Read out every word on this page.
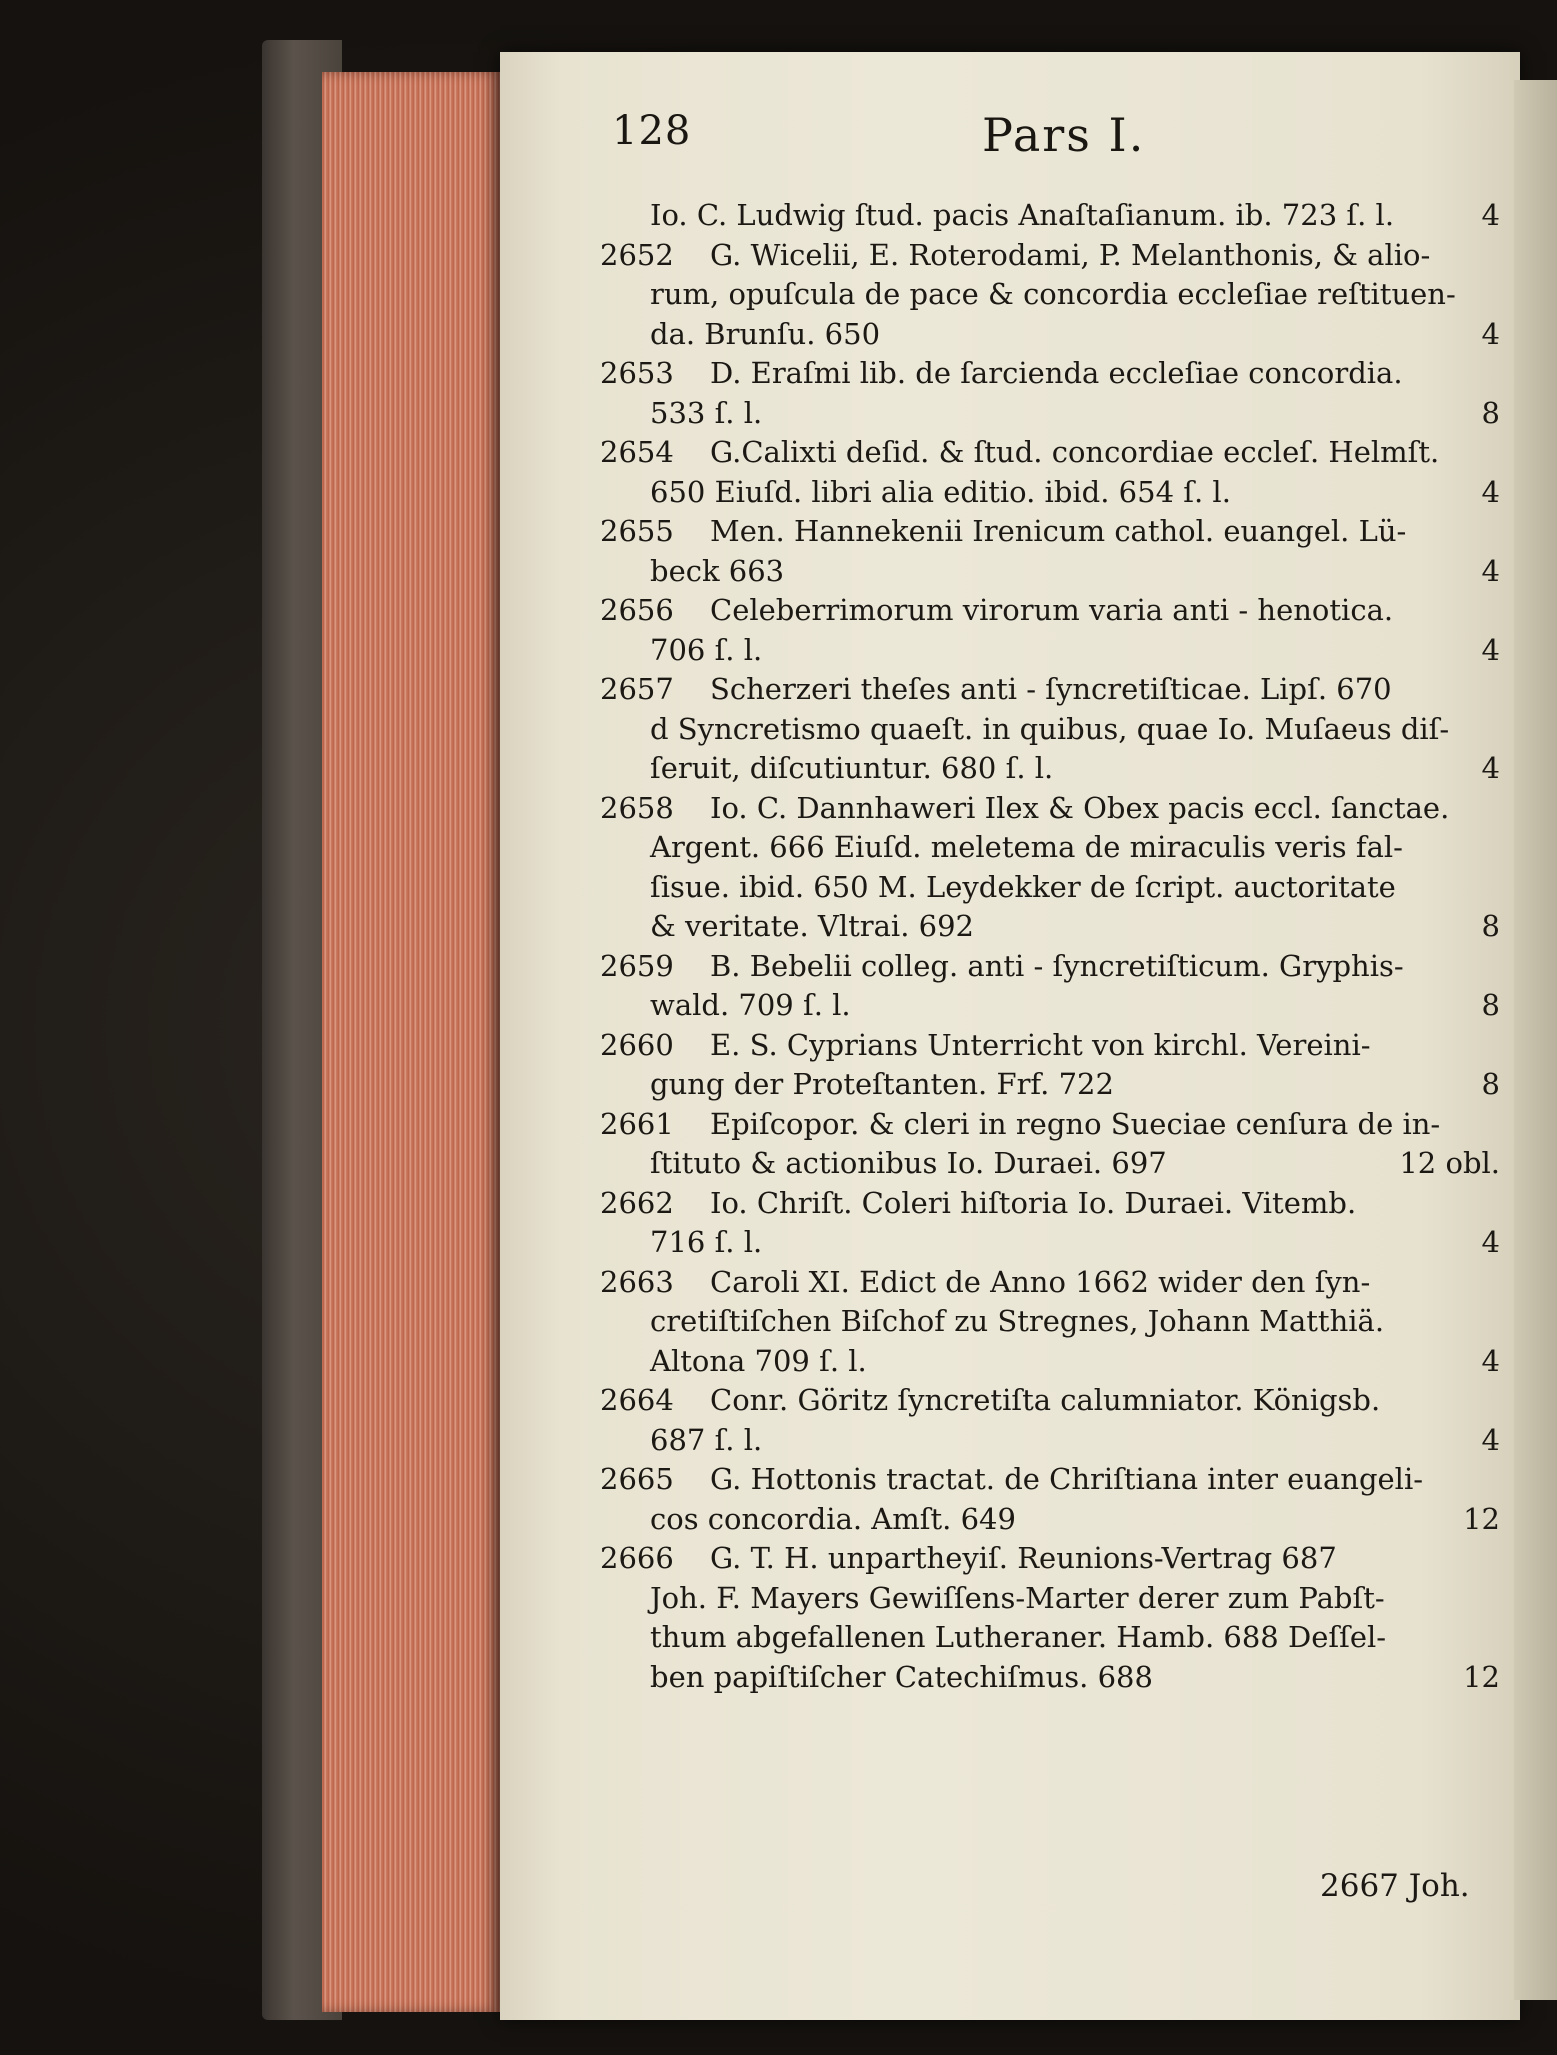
128	Pars I.
Io. C. Ludwig ſtud. pacis Anaſtaſianum. ib. 723 ſ. l.	4
2652	G. Wicelii, E. Roterodami, P. Melanthonis, & alio-
rum, opuſcula de pace & concordia eccleſiae reſtituen-
da. Brunſu. 650	4
2653	D. Eraſmi lib. de ſarcienda eccleſiae concordia.
533 ſ. l.	8
2654	G.Calixti deſid. & ſtud. concordiae eccleſ. Helmſt.
650 Eiuſd. libri alia editio. ibid. 654 ſ. l.	4
2655	Men. Hannekenii Irenicum cathol. euangel. Lü-
beck 663	4
2656	Celeberrimorum virorum varia anti - henotica.
706 ſ. l.	4
2657	Scherzeri theſes anti - ſyncretiſticae. Lipſ. 670
d Syncretismo quaeſt. in quibus, quae Io. Muſaeus diſ-
ſeruit, diſcutiuntur. 680 ſ. l.	4
2658	Io. C. Dannhaweri Ilex & Obex pacis eccl. ſanctae.
Argent. 666 Eiuſd. meletema de miraculis veris fal-
ſisue. ibid. 650 M. Leydekker de ſcript. auctoritate
& veritate. Vltrai. 692	8
2659	B. Bebelii colleg. anti - ſyncretiſticum. Gryphis-
wald. 709 ſ. l.	8
2660	E. S. Cyprians Unterricht von kirchl. Vereini-
gung der Proteſtanten. Frf. 722	8
2661	Epiſcopor. & cleri in regno Sueciae cenſura de in-
ſtituto & actionibus Io. Duraei. 697	12 obl.
2662	Io. Chriſt. Coleri hiſtoria Io. Duraei. Vitemb.
716 ſ. l.	4
2663	Caroli XI. Edict de Anno 1662 wider den ſyn-
cretiſtiſchen Biſchof zu Stregnes, Johann Matthiä.
Altona 709 ſ. l.	4
2664	Conr. Göritz ſyncretiſta calumniator. Königsb.
687 ſ. l.	4
2665	G. Hottonis tractat. de Chriſtiana inter euangeli-
cos concordia. Amſt. 649	12
2666	G. T. H. unpartheyiſ. Reunions-Vertrag 687
Joh. F. Mayers Gewiſſens-Marter derer zum Pabſt-
thum abgefallenen Lutheraner. Hamb. 688 Deſſel-
ben papiſtiſcher Catechiſmus. 688	12
2667 Joh.
